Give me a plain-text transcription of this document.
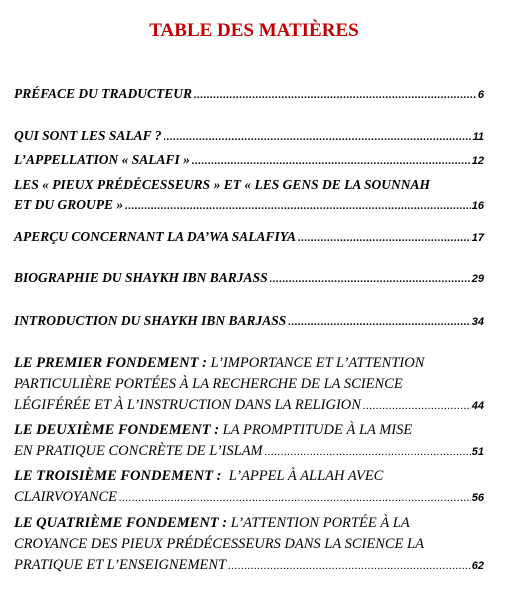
TABLE DES MATIÈRES
PRÉFACE DU TRADUCTEUR .....	6
QUI SONT LES SALAF ? .....	11
L’APPELLATION « SALAFI » .....	12
LES « PIEUX PRÉDÉCESSEURS » ET « LES GENS DE LA SOUNNAH
ET DU GROUPE » .....	16
APERÇU CONCERNANT LA DA’WA SALAFIYA .....	17
BIOGRAPHIE DU SHAYKH IBN BARJASS .....	29
INTRODUCTION DU SHAYKH IBN BARJASS .....	34
LE PREMIER FONDEMENT : L’IMPORTANCE ET L’ATTENTION
PARTICULIÈRE PORTÉES À LA RECHERCHE DE LA SCIENCE
LÉGIFÉRÉE ET À L’INSTRUCTION DANS LA RELIGION .....	44
LE DEUXIÈME FONDEMENT : LA PROMPTITUDE À LA MISE
EN PRATIQUE CONCRÈTE DE L’ISLAM .....	51
LE TROISIÈME FONDEMENT : L’APPEL À ALLAH AVEC
CLAIRVOYANCE .....	56
LE QUATRIÈME FONDEMENT : L’ATTENTION PORTÉE À LA
CROYANCE DES PIEUX PRÉDÉCESSEURS DANS LA SCIENCE LA
PRATIQUE ET L’ENSEIGNEMENT .....	62
